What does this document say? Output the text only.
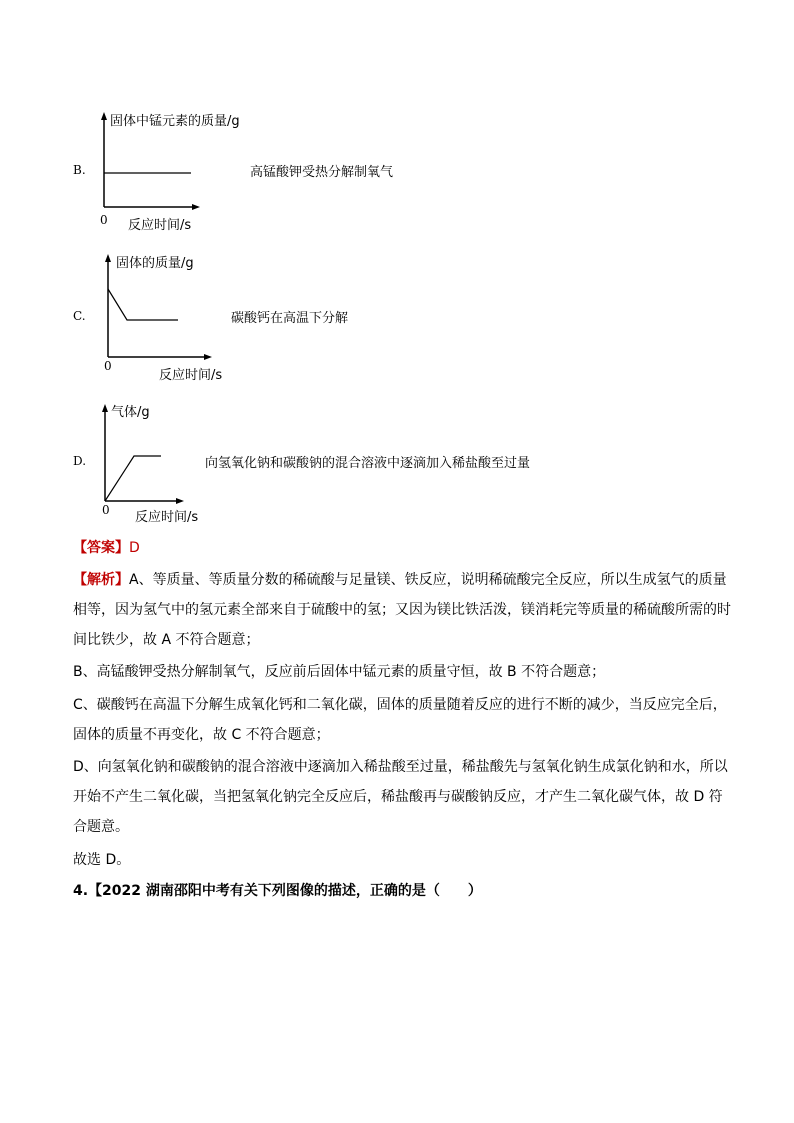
B.
固体中锰元素的质量/g
0 反应时间/s
高锰酸钾受热分解制氧气
C.
固体的质量/g
0
反应时间/s
碳酸钙在高温下分解
D.
气体/g
0 反应时间/s
向氢氧化钠和碳酸钠的混合溶液中逐滴加入稀盐酸至过量
【答案】D
【解析】A、等质量、等质量分数的稀硫酸与足量镁、铁反应，说明稀硫酸完全反应，所以生成氢气的质量相等，因为氢气中的氢元素全部来自于硫酸中的氢；又因为镁比铁活泼，镁消耗完等质量的稀硫酸所需的时间比铁少，故 A 不符合题意；
B、高锰酸钾受热分解制氧气，反应前后固体中锰元素的质量守恒，故 B 不符合题意；
C、碳酸钙在高温下分解生成氧化钙和二氧化碳，固体的质量随着反应的进行不断的减少，当反应完全后，固体的质量不再变化，故 C 不符合题意；
D、向氢氧化钠和碳酸钠的混合溶液中逐滴加入稀盐酸至过量，稀盐酸先与氢氧化钠生成氯化钠和水，所以开始不产生二氧化碳，当把氢氧化钠完全反应后，稀盐酸再与碳酸钠反应，才产生二氧化碳气体，故 D 符合题意。
故选 D。
4.【2022 湖南邵阳中考有关下列图像的描述，正确的是（　　）
